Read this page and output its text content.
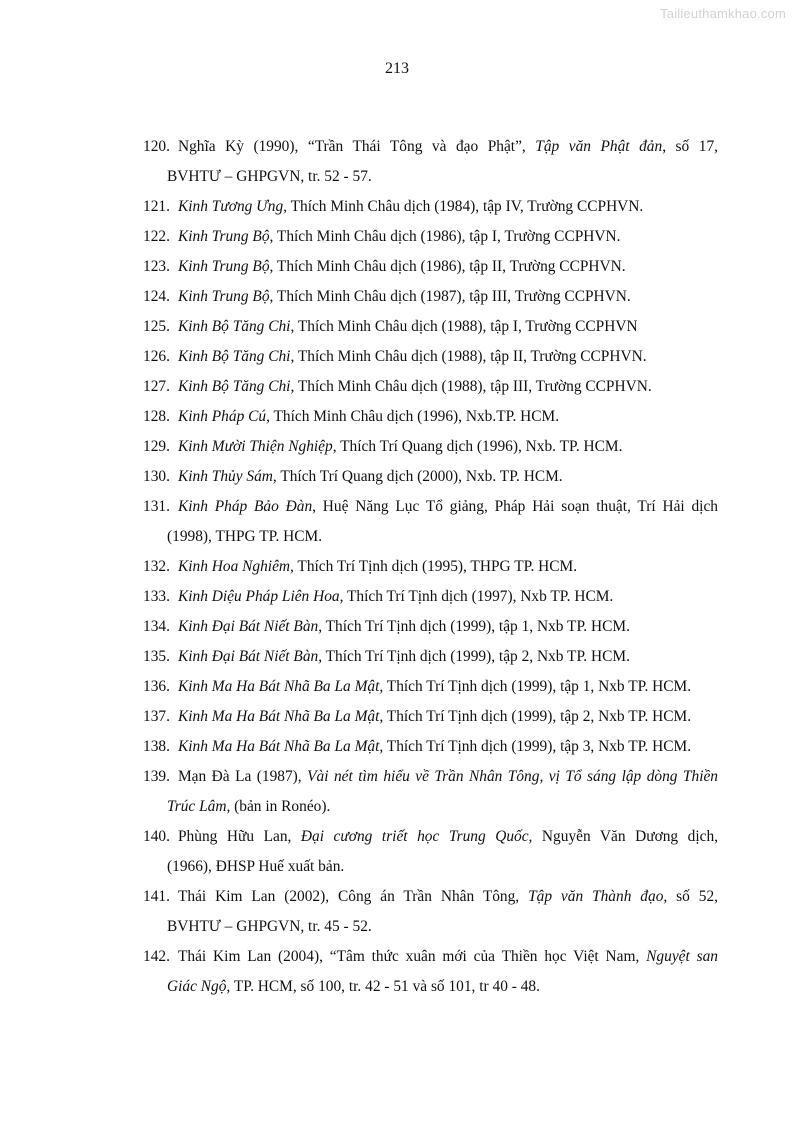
Tailieuthamkhao.com
213
120. Nghĩa Kỳ (1990), “Trần Thái Tông và đạo Phật”, Tập văn Phật đản, số 17,
BVHTƯ – GHPGVN, tr. 52 - 57.
121. Kinh Tương Ưng, Thích Minh Châu dịch (1984), tập IV, Trường CCPHVN.
122. Kinh Trung Bộ, Thích Minh Châu dịch (1986), tập I, Trường CCPHVN.
123. Kinh Trung Bộ, Thích Minh Châu dịch (1986), tập II, Trường CCPHVN.
124. Kinh Trung Bộ, Thích Minh Châu dịch (1987), tập III, Trường CCPHVN.
125. Kinh Bộ Tăng Chi, Thích Minh Châu dịch (1988), tập I, Trường CCPHVN
126. Kinh Bộ Tăng Chi, Thích Minh Châu dịch (1988), tập II, Trường CCPHVN.
127. Kinh Bộ Tăng Chi, Thích Minh Châu dịch (1988), tập III, Trường CCPHVN.
128. Kinh Pháp Cú, Thích Minh Châu dịch (1996), Nxb.TP. HCM.
129. Kinh Mười Thiện Nghiệp, Thích Trí Quang dịch (1996), Nxb. TP. HCM.
130. Kinh Thủy Sám, Thích Trí Quang dịch (2000), Nxb. TP. HCM.
131. Kinh Pháp Bảo Đàn, Huệ Năng Lục Tổ giảng, Pháp Hải soạn thuật, Trí Hải dịch
(1998), THPG TP. HCM.
132. Kinh Hoa Nghiêm, Thích Trí Tịnh dịch (1995), THPG TP. HCM.
133. Kinh Diệu Pháp Liên Hoa, Thích Trí Tịnh dịch (1997), Nxb TP. HCM.
134. Kinh Đại Bát Niết Bàn, Thích Trí Tịnh dịch (1999), tập 1, Nxb TP. HCM.
135. Kinh Đại Bát Niết Bàn, Thích Trí Tịnh dịch (1999), tập 2, Nxb TP. HCM.
136. Kinh Ma Ha Bát Nhã Ba La Mật, Thích Trí Tịnh dịch (1999), tập 1, Nxb TP. HCM.
137. Kinh Ma Ha Bát Nhã Ba La Mật, Thích Trí Tịnh dịch (1999), tập 2, Nxb TP. HCM.
138. Kinh Ma Ha Bát Nhã Ba La Mật, Thích Trí Tịnh dịch (1999), tập 3, Nxb TP. HCM.
139. Mạn Đà La (1987), Vài nét tìm hiểu về Trần Nhân Tông, vị Tổ sáng lập dòng Thiền
Trúc Lâm, (bản in Ronéo).
140. Phùng Hữu Lan, Đại cương triết học Trung Quốc, Nguyễn Văn Dương dịch,
(1966), ĐHSP Huế xuất bản.
141. Thái Kim Lan (2002), Công án Trần Nhân Tông, Tập văn Thành đạo, số 52,
BVHTƯ – GHPGVN, tr. 45 - 52.
142. Thái Kim Lan (2004), “Tâm thức xuân mới của Thiền học Việt Nam, Nguyệt san
Giác Ngộ, TP. HCM, số 100, tr. 42 - 51 và số 101, tr 40 - 48.
